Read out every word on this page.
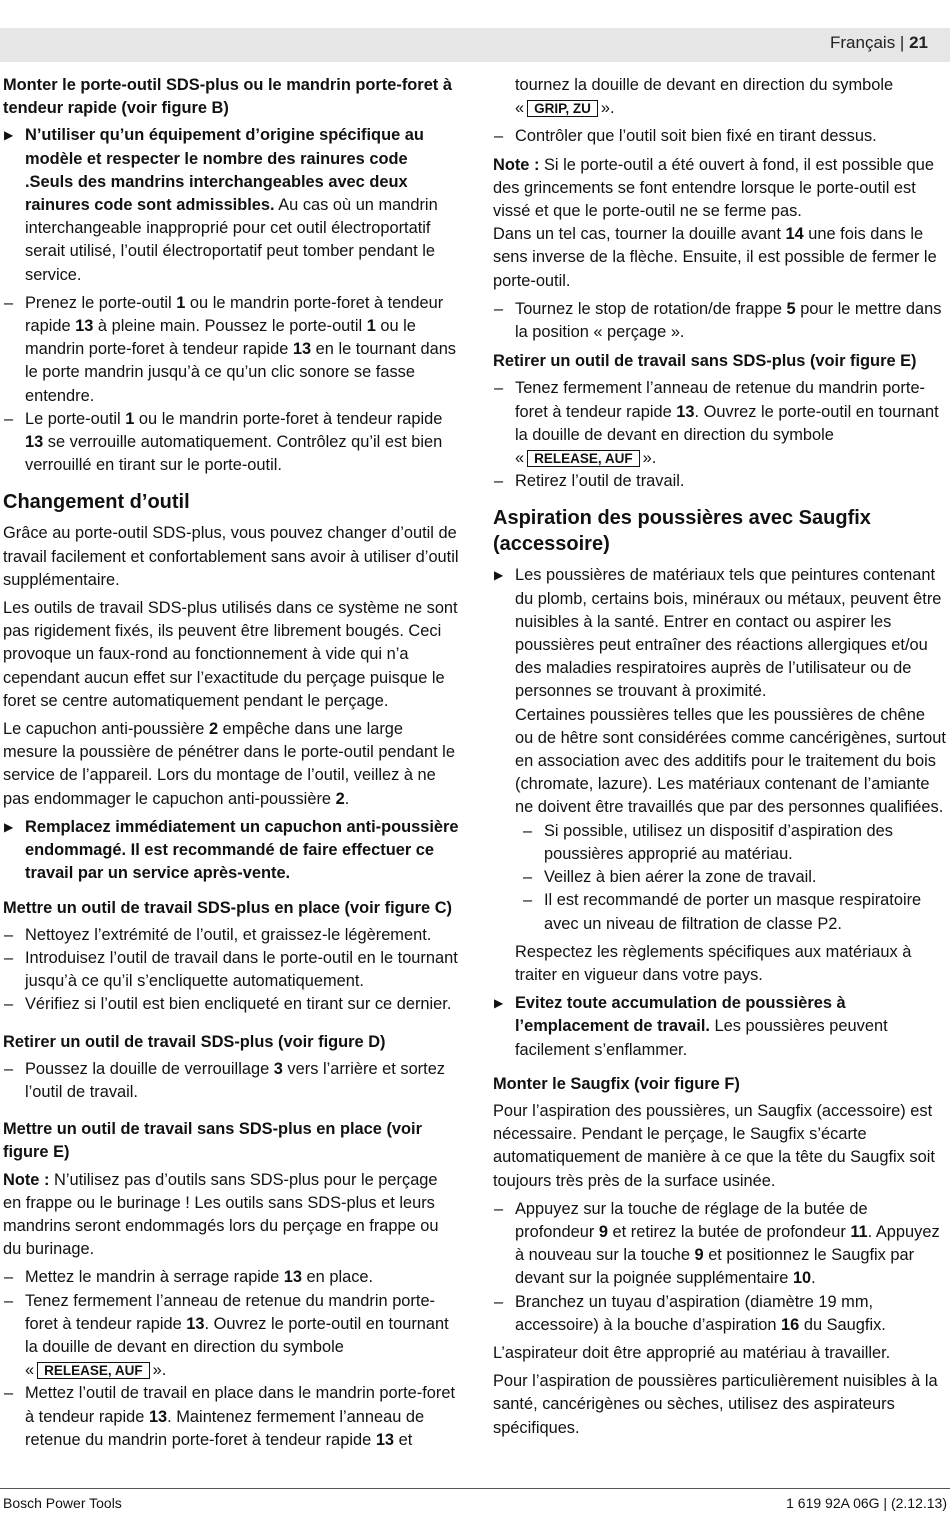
Français | 21
Monter le porte-outil SDS-plus ou le mandrin porte-foret à tendeur rapide (voir figure B)
▶ N’utiliser qu’un équipement d’origine spécifique au modèle et respecter le nombre des rainures code .Seuls des mandrins interchangeables avec deux rainures code sont admissibles. Au cas où un mandrin interchangeable inapproprié pour cet outil électroportatif serait utilisé, l’outil électroportatif peut tomber pendant le service.

– Prenez le porte-outil 1 ou le mandrin porte-foret à tendeur rapide 13 à pleine main. Poussez le porte-outil 1 ou le mandrin porte-foret à tendeur rapide 13 en le tournant dans le porte mandrin jusqu’à ce qu’un clic sonore se fasse entendre.

– Le porte-outil 1 ou le mandrin porte-foret à tendeur rapide 13 se verrouille automatiquement. Contrôlez qu’il est bien verrouillé en tirant sur le porte-outil.

Changement d’outil

Grâce au porte-outil SDS-plus, vous pouvez changer d’outil de travail facilement et confortablement sans avoir à utiliser d’outil supplémentaire.

Les outils de travail SDS-plus utilisés dans ce système ne sont pas rigidement fixés, ils peuvent être librement bougés. Ceci provoque un faux-rond au fonctionnement à vide qui n’a cependant aucun effet sur l’exactitude du perçage puisque le foret se centre automatiquement pendant le perçage.

Le capuchon anti-poussière 2 empêche dans une large mesure la poussière de pénétrer dans le porte-outil pendant le service de l’appareil. Lors du montage de l’outil, veillez à ne pas endommager le capuchon anti-poussière 2.

▶ Remplacez immédiatement un capuchon anti-poussière endommagé. Il est recommandé de faire effectuer ce travail par un service après-vente.
Mettre un outil de travail SDS-plus en place (voir figure C)

– Nettoyez l’extrémité de l’outil, et graissez-le légèrement.

– Introduisez l’outil de travail dans le porte-outil en le tournant jusqu’à ce qu’il s’encliquette automatiquement.

– Vérifiez si l’outil est bien encliqueté en tirant sur ce dernier.

Retirer un outil de travail SDS-plus (voir figure D)

– Poussez la douille de verrouillage 3 vers l’arrière et sortez l’outil de travail.

Mettre un outil de travail sans SDS-plus en place (voir figure E)

Note : N’utilisez pas d’outils sans SDS-plus pour le perçage en frappe ou le burinage ! Les outils sans SDS-plus et leurs mandrins seront endommagés lors du perçage en frappe ou du burinage.

– Mettez le mandrin à serrage rapide 13 en place.

– Tenez fermement l’anneau de retenue du mandrin porte-foret à tendeur rapide 13. Ouvrez le porte-outil en tournant la douille de devant en direction du symbole
« RELEASE, AUF ».

– Mettez l’outil de travail en place dans le mandrin porte-foret à tendeur rapide 13. Maintenez fermement l’anneau de retenue du mandrin porte-foret à tendeur rapide 13 et

tournez la douille de devant en direction du symbole
« GRIP, ZU ».

– Contrôler que l’outil soit bien fixé en tirant dessus.

Note : Si le porte-outil a été ouvert à fond, il est possible que des grincements se font entendre lorsque le porte-outil est vissé et que le porte-outil ne se ferme pas.
Dans un tel cas, tourner la douille avant 14 une fois dans le sens inverse de la flèche. Ensuite, il est possible de fermer le porte-outil.

– Tournez le stop de rotation/de frappe 5 pour le mettre dans la position « perçage ».

Retirer un outil de travail sans SDS-plus (voir figure E)

– Tenez fermement l’anneau de retenue du mandrin porte-foret à tendeur rapide 13. Ouvrez le porte-outil en tournant la douille de devant en direction du symbole
« RELEASE, AUF ».

– Retirez l’outil de travail.

Aspiration des poussières avec Saugfix (accessoire)
▶ Les poussières de matériaux tels que peintures contenant du plomb, certains bois, minéraux ou métaux, peuvent être nuisibles à la santé. Entrer en contact ou aspirer les poussières peut entraîner des réactions allergiques et/ou des maladies respiratoires auprès de l’utilisateur ou de personnes se trouvant à proximité.
Certaines poussières telles que les poussières de chêne ou de hêtre sont considérées comme cancérigènes, surtout en association avec des additifs pour le traitement du bois (chromate, lazure). Les matériaux contenant de l’amiante ne doivent être travaillés que par des personnes qualifiées.

– Si possible, utilisez un dispositif d’aspiration des poussières approprié au matériau.

– Veillez à bien aérer la zone de travail.

– Il est recommandé de porter un masque respiratoire avec un niveau de filtration de classe P2.

Respectez les règlements spécifiques aux matériaux à traiter en vigueur dans votre pays.

▶ Evitez toute accumulation de poussières à l’emplacement de travail. Les poussières peuvent facilement s’enflammer.
Monter le Saugfix (voir figure F)

Pour l’aspiration des poussières, un Saugfix (accessoire) est nécessaire. Pendant le perçage, le Saugfix s’écarte automatiquement de manière à ce que la tête du Saugfix soit toujours très près de la surface usinée.

– Appuyez sur la touche de réglage de la butée de profondeur 9 et retirez la butée de profondeur 11. Appuyez à nouveau sur la touche 9 et positionnez le Saugfix par devant sur la poignée supplémentaire 10.

– Branchez un tuyau d’aspiration (diamètre 19 mm, accessoire) à la bouche d’aspiration 16 du Saugfix.

L’aspirateur doit être approprié au matériau à travailler.

Pour l’aspiration de poussières particulièrement nuisibles à la santé, cancérigènes ou sèches, utilisez des aspirateurs spécifiques.

Bosch Power Tools	1 619 92A 06G | (2.12.13)
